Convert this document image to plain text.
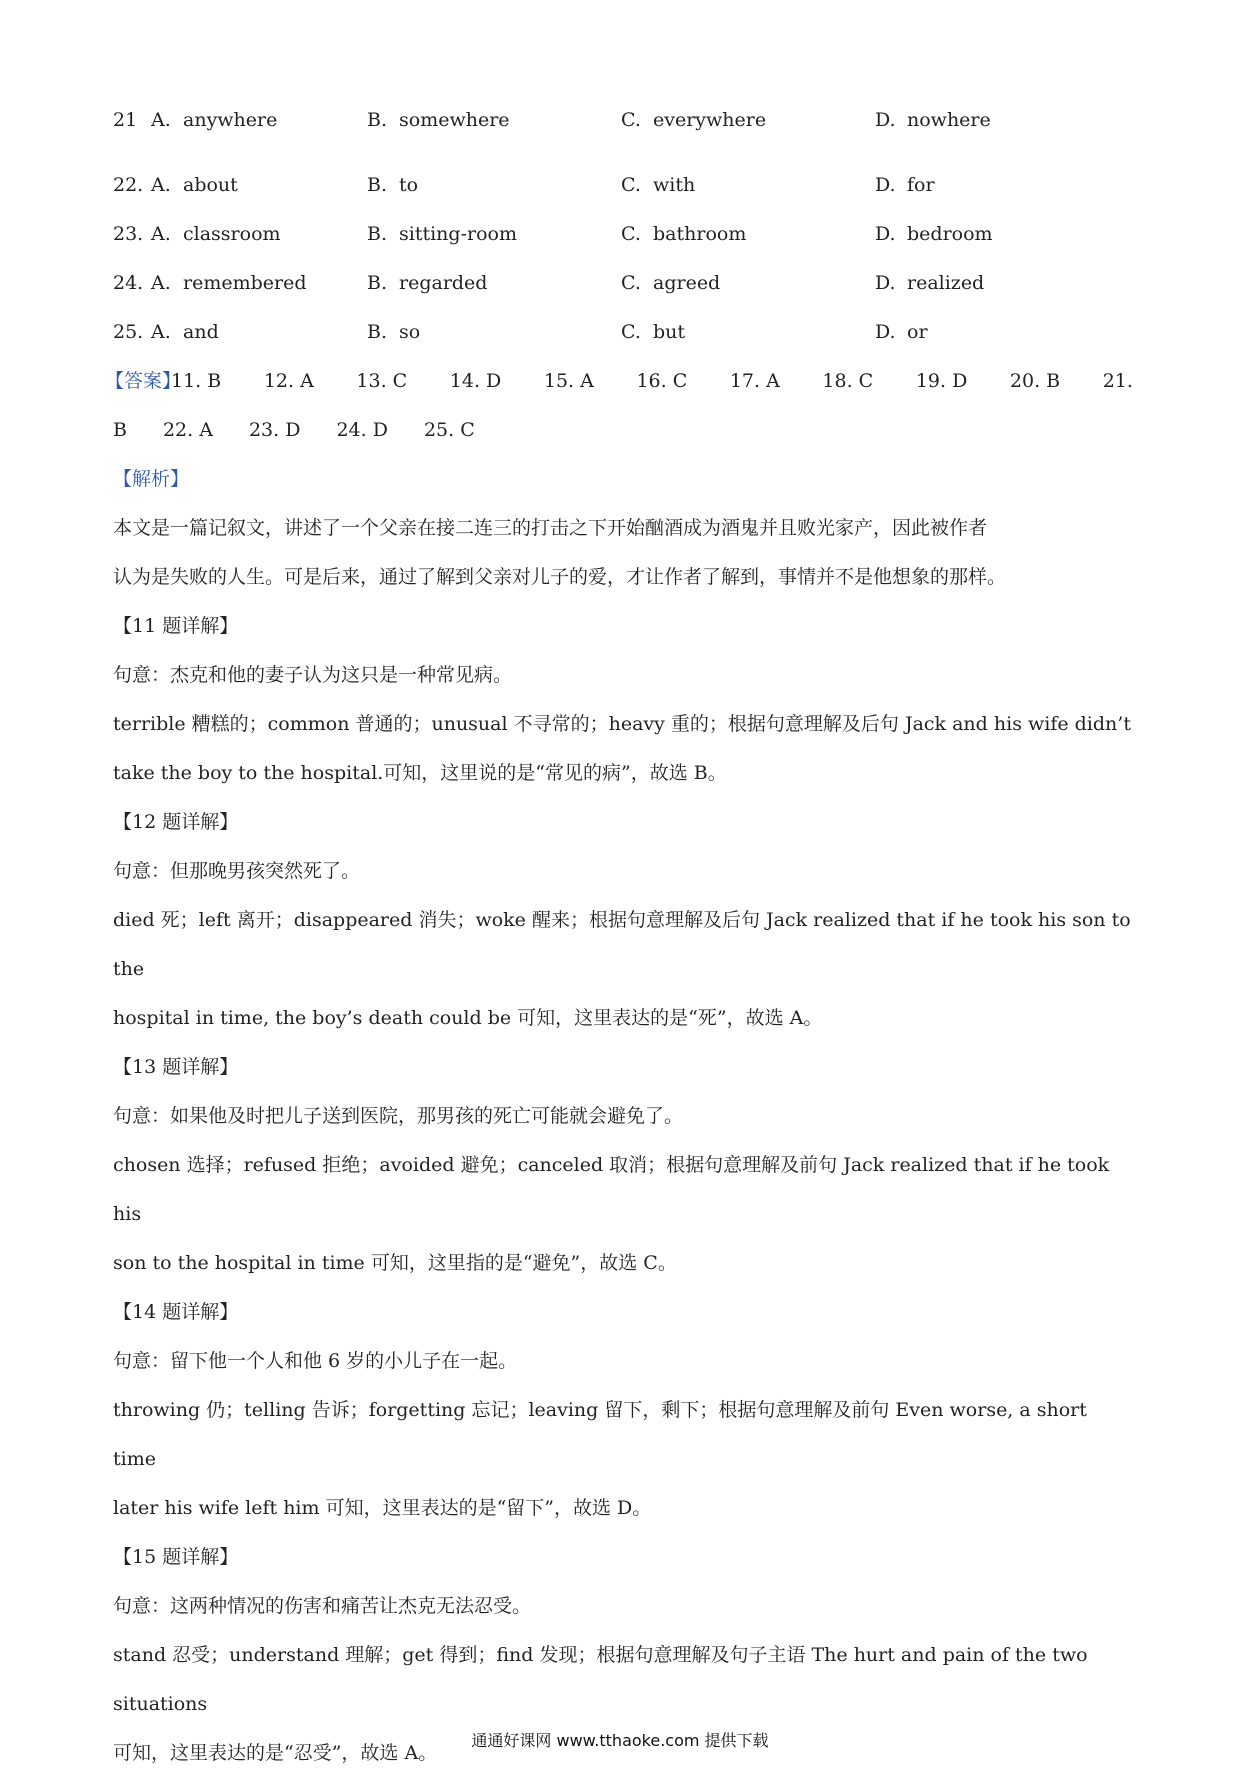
21 A. anywhere	B. somewhere	C. everywhere	D. nowhere
22. A. about	B. to	C. with	D. for
23. A. classroom	B. sitting-room	C. bathroom	D. bedroom
24. A. remembered	B. regarded	C. agreed	D. realized
25. A. and	B. so	C. but	D. or
【答案】
11. B 12. A 13. C 14. D 15. A 16. C 17. A 18. C 19. D 20. B 21.
B 22. A 23. D 24. D 25. C

【解析】

本文是一篇记叙文，讲述了一个父亲在接二连三的打击之下开始酗酒成为酒鬼并且败光家产，因此被作者

认为是失败的人生。可是后来，通过了解到父亲对儿子的爱，才让作者了解到，事情并不是他想象的那样。

【11 题详解】

句意：杰克和他的妻子认为这只是一种常见病。

terrible 糟糕的；common 普通的；unusual 不寻常的；heavy 重的；根据句意理解及后句 Jack and his wife didn’t

take the boy to the hospital.可知，这里说的是“常见的病”，故选 B。

【12 题详解】

句意：但那晚男孩突然死了。

died 死；left 离开；disappeared 消失；woke 醒来；根据句意理解及后句 Jack realized that if he took his son to the

hospital in time, the boy’s death could be 可知，这里表达的是“死”，故选 A。

【13 题详解】

句意：如果他及时把儿子送到医院，那男孩的死亡可能就会避免了。

chosen 选择；refused 拒绝；avoided 避免；canceled 取消；根据句意理解及前句 Jack realized that if he took his

son to the hospital in time 可知，这里指的是“避免”，故选 C。

【14 题详解】

句意：留下他一个人和他 6 岁的小儿子在一起。

throwing 仍；telling 告诉；forgetting 忘记；leaving 留下，剩下；根据句意理解及前句 Even worse, a short time

later his wife left him 可知，这里表达的是“留下”，故选 D。

【15 题详解】

句意：这两种情况的伤害和痛苦让杰克无法忍受。

stand 忍受；understand 理解；get 得到；find 发现；根据句意理解及句子主语 The hurt and pain of the two situations

可知，这里表达的是“忍受”，故选 A。

通通好课网 www.tthaoke.com 提供下载
